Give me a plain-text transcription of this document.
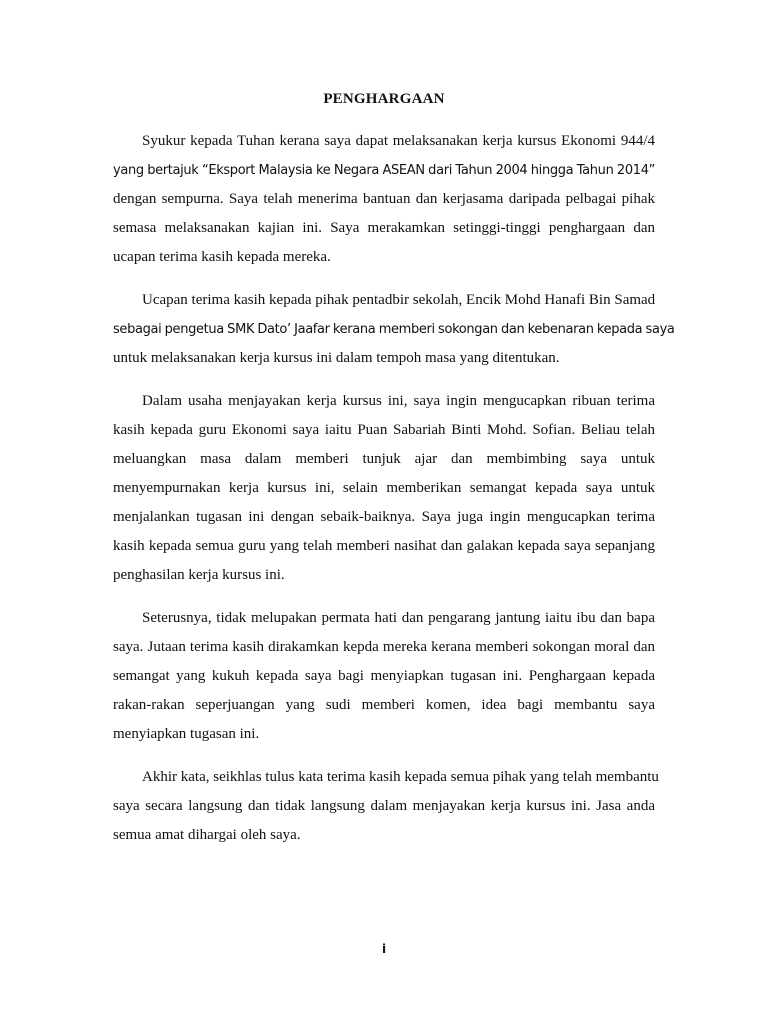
PENGHARGAAN

Syukur kepada Tuhan kerana saya dapat melaksanakan kerja kursus Ekonomi 944/4
yang bertajuk “Eksport Malaysia ke Negara ASEAN dari Tahun 2004 hingga Tahun 2014”
dengan sempurna. Saya telah menerima bantuan dan kerjasama daripada pelbagai pihak
semasa melaksanakan kajian ini. Saya merakamkan setinggi-tinggi penghargaan dan
ucapan terima kasih kepada mereka.

Ucapan terima kasih kepada pihak pentadbir sekolah, Encik Mohd Hanafi Bin Samad
sebagai pengetua SMK Dato’ Jaafar kerana memberi sokongan dan kebenaran kepada saya
untuk melaksanakan kerja kursus ini dalam tempoh masa yang ditentukan.

Dalam usaha menjayakan kerja kursus ini, saya ingin mengucapkan ribuan terima
kasih kepada guru Ekonomi saya iaitu Puan Sabariah Binti Mohd. Sofian. Beliau telah
meluangkan masa dalam memberi tunjuk ajar dan membimbing saya untuk
menyempurnakan kerja kursus ini, selain memberikan semangat kepada saya untuk
menjalankan tugasan ini dengan sebaik-baiknya. Saya juga ingin mengucapkan terima
kasih kepada semua guru yang telah memberi nasihat dan galakan kepada saya sepanjang
penghasilan kerja kursus ini.

Seterusnya, tidak melupakan permata hati dan pengarang jantung iaitu ibu dan bapa
saya. Jutaan terima kasih dirakamkan kepda mereka kerana memberi sokongan moral dan
semangat yang kukuh kepada saya bagi menyiapkan tugasan ini. Penghargaan kepada
rakan-rakan seperjuangan yang sudi memberi komen, idea bagi membantu saya
menyiapkan tugasan ini.

Akhir kata, seikhlas tulus kata terima kasih kepada semua pihak yang telah membantu
saya secara langsung dan tidak langsung dalam menjayakan kerja kursus ini. Jasa anda
semua amat dihargai oleh saya.

i
